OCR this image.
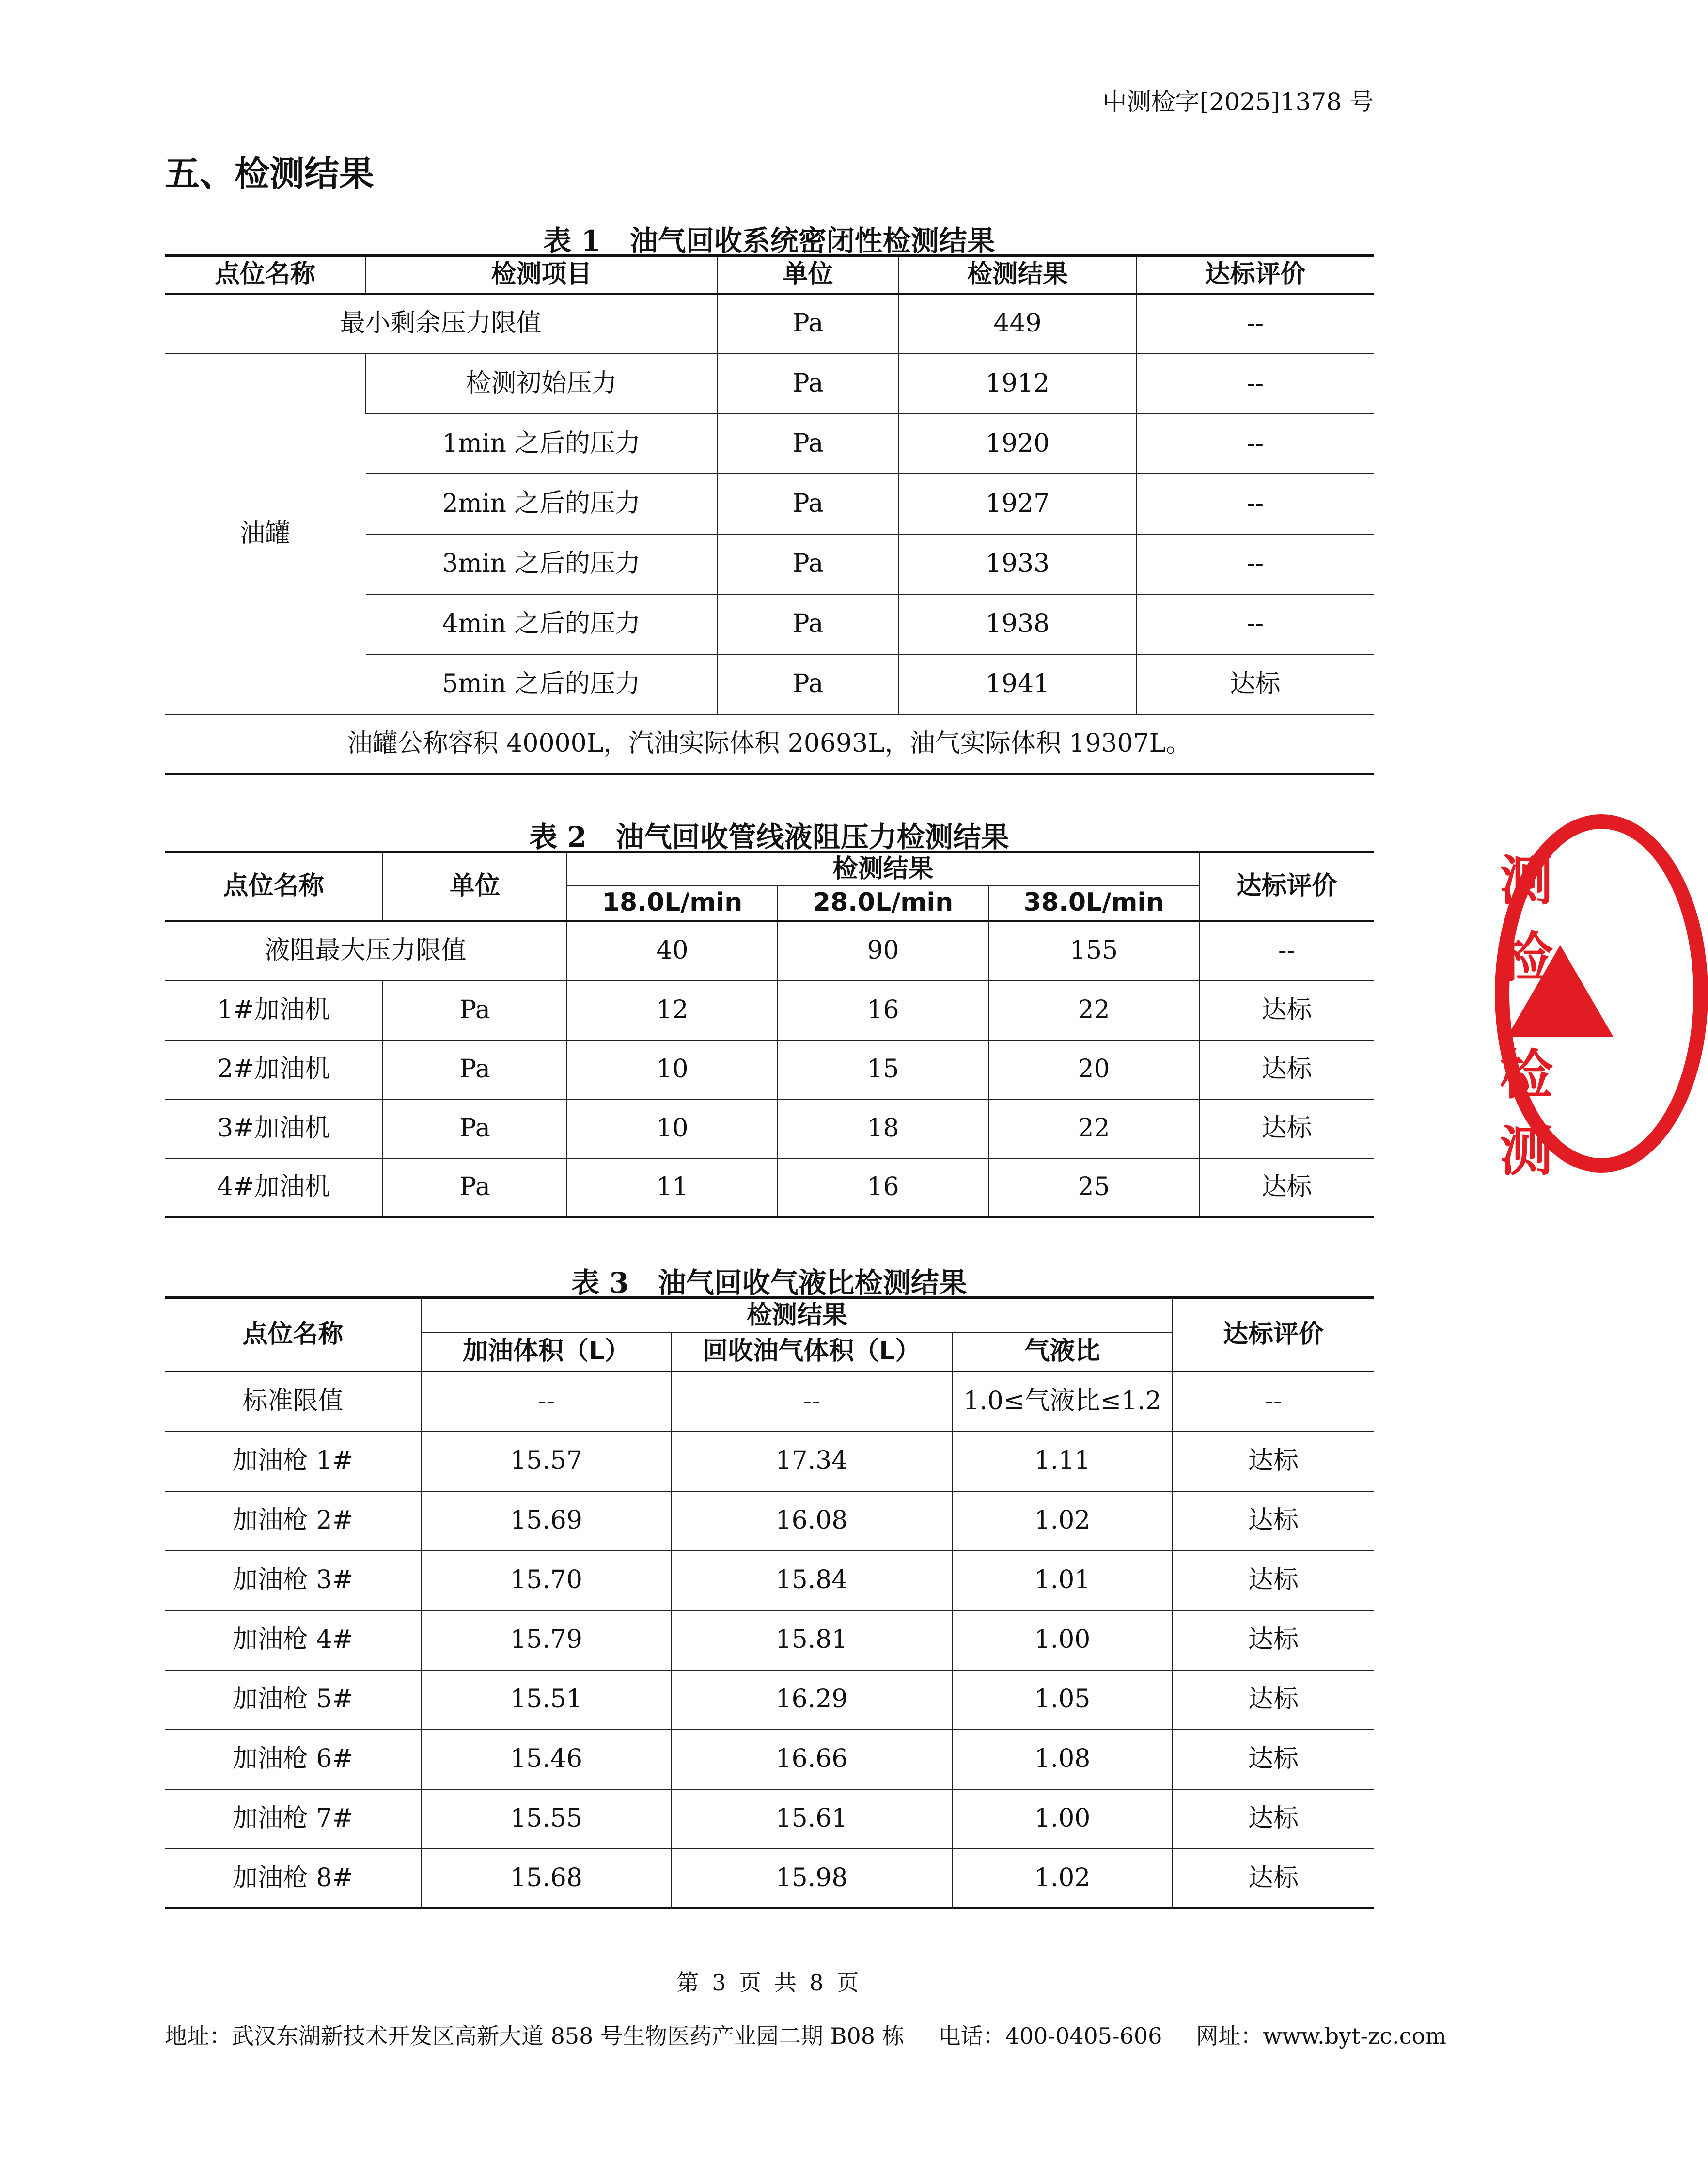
中测检字[2025]1378 号
五、检测结果
表 1 油气回收系统密闭性检测结果
点位名称	检测项目	单位	检测结果	达标评价
最小剩余压力限值		Pa	449	--
油罐	检测初始压力	Pa	1912	--
	1min 之后的压力	Pa	1920	--
	2min 之后的压力	Pa	1927	--
	3min 之后的压力	Pa	1933	--
	4min 之后的压力	Pa	1938	--
	5min 之后的压力	Pa	1941	达标
油罐公称容积 40000L，汽油实际体积 20693L，油气实际体积 19307L。				
表 2 油气回收管线液阻压力检测结果
点位名称	单位	检测结果			达标评价
		18.0L/min	28.0L/min	38.0L/min	
液阻最大压力限值		40	90	155	--
1#加油机	Pa	12	16	22	达标
2#加油机	Pa	10	15	20	达标
3#加油机	Pa	10	18	22	达标
4#加油机	Pa	11	16	25	达标
表 3 油气回收气液比检测结果
点位名称	检测结果			达标评价
	加油体积（L）	回收油气体积（L）	气液比	
标准限值	--	--	1.0≤气液比≤1.2	--
加油枪 1#	15.57	17.34	1.11	达标
加油枪 2#	15.69	16.08	1.02	达标
加油枪 3#	15.70	15.84	1.01	达标
加油枪 4#	15.79	15.81	1.00	达标
加油枪 5#	15.51	16.29	1.05	达标
加油枪 6#	15.46	16.66	1.08	达标
加油枪 7#	15.55	15.61	1.00	达标
加油枪 8#	15.68	15.98	1.02	达标
第 3 页 共 8 页
地址：武汉东湖新技术开发区高新大道 858 号生物医药产业园二期 B08 栋 电话：400-0405-606 网址：www.byt-zc.com
测检
检测
